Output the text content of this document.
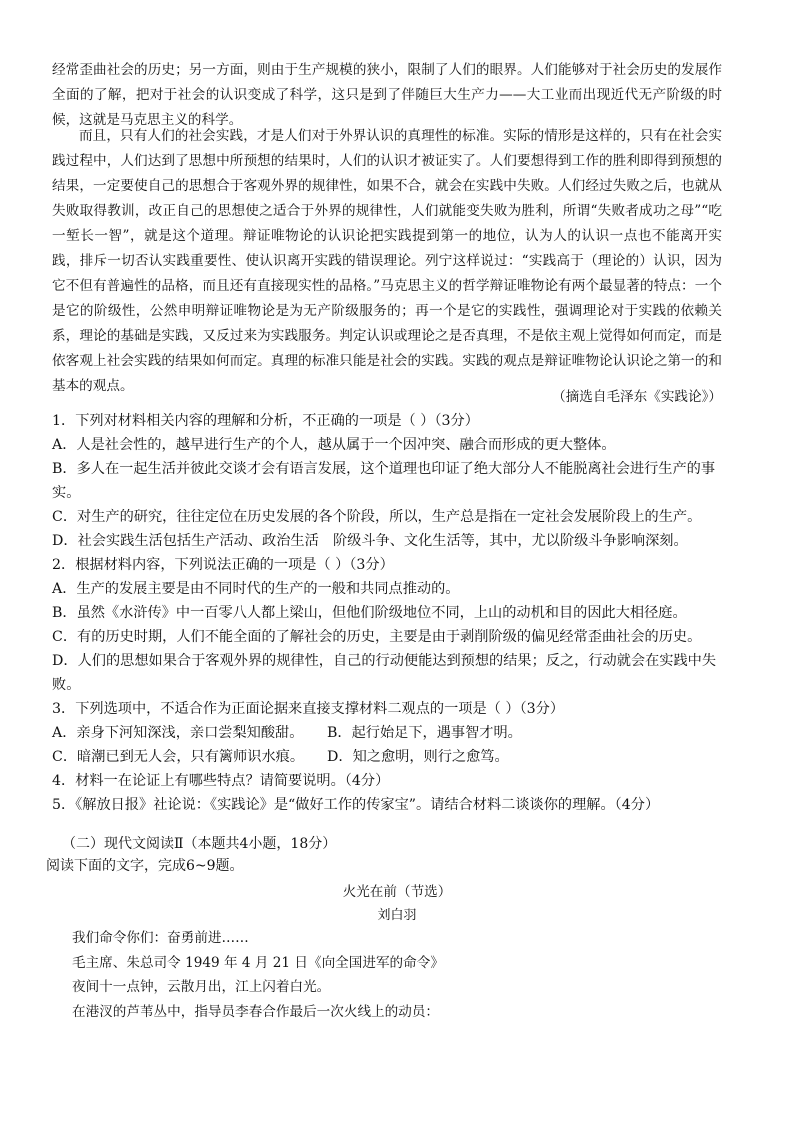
经常歪曲社会的历史；另一方面，则由于生产规模的狭小，限制了人们的眼界。人们能够对于社会历史的发展作全面的了解，把对于社会的认识变成了科学，这只是到了伴随巨大生产力——大工业而出现近代无产阶级的时候，这就是马克思主义的科学。

而且，只有人们的社会实践，才是人们对于外界认识的真理性的标准。实际的情形是这样的，只有在社会实践过程中，人们达到了思想中所预想的结果时，人们的认识才被证实了。人们要想得到工作的胜利即得到预想的结果，一定要使自己的思想合于客观外界的规律性，如果不合，就会在实践中失败。人们经过失败之后，也就从失败取得教训，改正自己的思想使之适合于外界的规律性，人们就能变失败为胜利，所谓“失败者成功之母”“吃一堑长一智”，就是这个道理。辩证唯物论的认识论把实践提到第一的地位，认为人的认识一点也不能离开实践，排斥一切否认实践重要性、使认识离开实践的错误理论。列宁这样说过：“实践高于（理论的）认识，因为它不但有普遍性的品格，而且还有直接现实性的品格。”马克思主义的哲学辩证唯物论有两个最显著的特点：一个是它的阶级性，公然申明辩证唯物论是为无产阶级服务的；再一个是它的实践性，强调理论对于实践的依赖关系，理论的基础是实践，又反过来为实践服务。判定认识或理论之是否真理，不是依主观上觉得如何而定，而是依客观上社会实践的结果如何而定。真理的标准只能是社会的实践。实践的观点是辩证唯物论认识论之第一的和基本的观点。

（摘选自毛泽东《实践论》）
1．下列对材料相关内容的理解和分析，不正确的一项是（ ）（3分）
A．人是社会性的，越早进行生产的个人，越从属于一个因冲突、融合而形成的更大整体。
B．多人在一起生活并彼此交谈才会有语言发展，这个道理也印证了绝大部分人不能脱离社会进行生产的事实。
C．对生产的研究，往往定位在历史发展的各个阶段，所以，生产总是指在一定社会发展阶段上的生产。
D．社会实践生活包括生产活动、政治生活　阶级斗争、文化生活等，其中，尤以阶级斗争影响深刻。
2．根据材料内容，下列说法正确的一项是（ ）（3分）
A．生产的发展主要是由不同时代的生产的一般和共同点推动的。
B．虽然《水浒传》中一百零八人都上梁山，但他们阶级地位不同，上山的动机和目的因此大相径庭。
C．有的历史时期，人们不能全面的了解社会的历史，主要是由于剥削阶级的偏见经常歪曲社会的历史。
D．人们的思想如果合于客观外界的规律性，自己的行动便能达到预想的结果；反之，行动就会在实践中失败。
3．下列选项中，不适合作为正面论据来直接支撑材料二观点的一项是（ ）（3分）
A．亲身下河知深浅，亲口尝梨知酸甜。	B．起行始足下，遇事智才明。
C．暗潮已到无人会，只有篱师识水痕。	D．知之愈明，则行之愈笃。
4．材料一在论证上有哪些特点？请简要说明。（4分）
5．《解放日报》社论说：《实践论》是“做好工作的传家宝”。请结合材料二谈谈你的理解。（4分）
（二）现代文阅读Ⅱ（本题共4小题，18分）
阅读下面的文字，完成6~9题。
火光在前（节选）
刘白羽
我们命令你们：奋勇前进……
毛主席、朱总司令 1949 年 4 月 21 日《向全国进军的命令》
夜间十一点钟，云散月出，江上闪着白光。
在港汊的芦苇丛中，指导员李春合作最后一次火线上的动员：
